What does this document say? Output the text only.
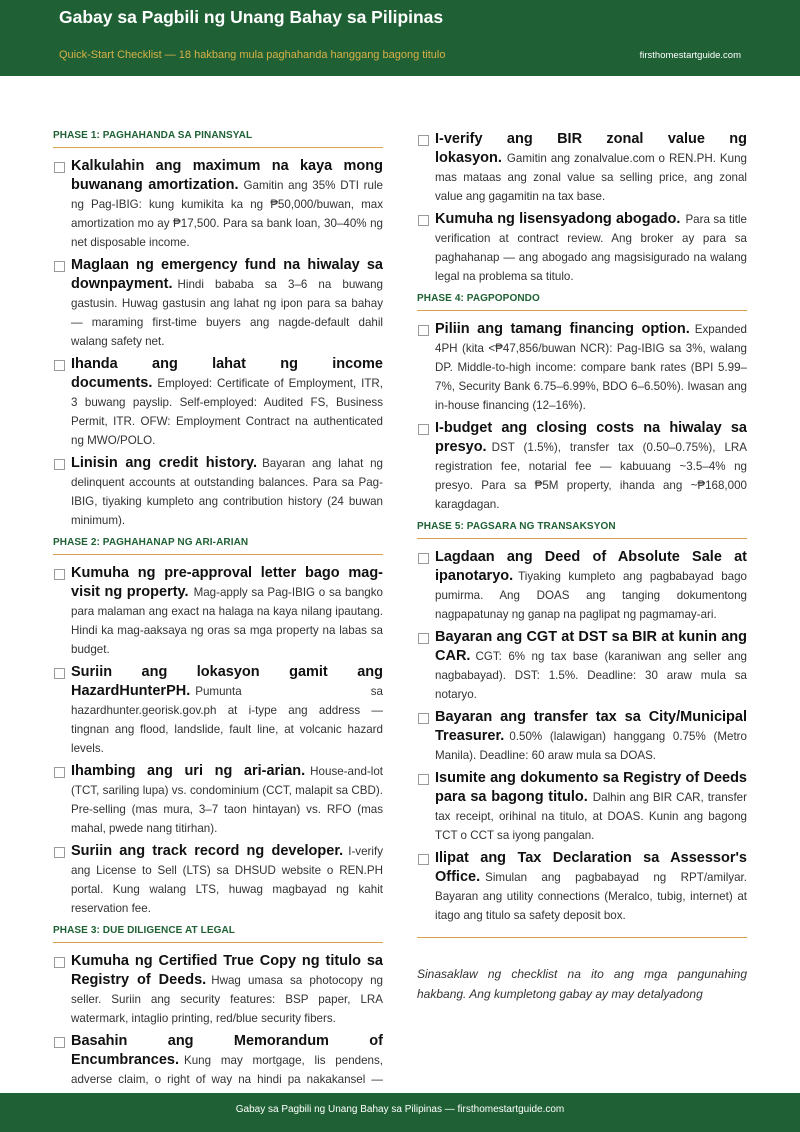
Gabay sa Pagbili ng Unang Bahay sa Pilipinas
Quick-Start Checklist — 18 hakbang mula paghahanda hanggang bagong titulo	firsthomestartguide.com
PHASE 1: PAGHAHANDA SA PINANSYAL

Kalkulahin ang maximum na kaya mong buwanang amortization. Gamitin ang 35% DTI rule ng Pag-IBIG: kung kumikita ka ng ₱50,000/buwan, max amortization mo ay ₱17,500. Para sa bank loan, 30–40% ng net disposable income.

Maglaan ng emergency fund na hiwalay sa downpayment. Hindi bababa sa 3–6 na buwang gastusin. Huwag gastusin ang lahat ng ipon para sa bahay — maraming first-time buyers ang nagde-default dahil walang safety net.

Ihanda ang lahat ng income documents. Employed: Certificate of Employment, ITR, 3 buwang payslip. Self-employed: Audited FS, Business Permit, ITR. OFW: Employment Contract na authenticated ng MWO/POLO.

Linisin ang credit history. Bayaran ang lahat ng delinquent accounts at outstanding balances. Para sa Pag-IBIG, tiyaking kumpleto ang contribution history (24 buwan minimum).

PHASE 2: PAGHAHANAP NG ARI-ARIAN

Kumuha ng pre-approval letter bago mag-visit ng property. Mag-apply sa Pag-IBIG o sa bangko para malaman ang exact na halaga na kaya nilang ipautang. Hindi ka mag-aaksaya ng oras sa mga property na labas sa budget.

Suriin ang lokasyon gamit ang HazardHunterPH. Pumunta sa hazardhunter.georisk.gov.ph at i-type ang address — tingnan ang flood, landslide, fault line, at volcanic hazard levels.

Ihambing ang uri ng ari-arian. House-and-lot (TCT, sariling lupa) vs. condominium (CCT, malapit sa CBD). Pre-selling (mas mura, 3–7 taon hintayan) vs. RFO (mas mahal, pwede nang titirhan).

Suriin ang track record ng developer. I-verify ang License to Sell (LTS) sa DHSUD website o REN.PH portal. Kung walang LTS, huwag magbayad ng kahit reservation fee.

PHASE 3: DUE DILIGENCE AT LEGAL

Kumuha ng Certified True Copy ng titulo sa Registry of Deeds. Hwag umasa sa photocopy ng seller. Suriin ang security features: BSP paper, LRA watermark, intaglio printing, red/blue security fibers.

Basahin ang Memorandum of Encumbrances. Kung may mortgage, lis pendens, adverse claim, o right of way na hindi pa nakakansel —

I-verify ang BIR zonal value ng lokasyon. Gamitin ang zonalvalue.com o REN.PH. Kung mas mataas ang zonal value sa selling price, ang zonal value ang gagamitin na tax base.

Kumuha ng lisensyadong abogado. Para sa title verification at contract review. Ang broker ay para sa paghahanap — ang abogado ang magsisigurado na walang legal na problema sa titulo.

PHASE 4: PAGPOPONDO

Piliin ang tamang financing option. Expanded 4PH (kita <₱47,856/buwan NCR): Pag-IBIG sa 3%, walang DP. Middle-to-high income: compare bank rates (BPI 5.99–7%, Security Bank 6.75–6.99%, BDO 6–6.50%). Iwasan ang in-house financing (12–16%).

I-budget ang closing costs na hiwalay sa presyo. DST (1.5%), transfer tax (0.50–0.75%), LRA registration fee, notarial fee — kabuuang ~3.5–4% ng presyo. Para sa ₱5M property, ihanda ang ~₱168,000 karagdagan.

PHASE 5: PAGSARA NG TRANSAKSYON

Lagdaan ang Deed of Absolute Sale at ipanotaryo. Tiyaking kumpleto ang pagbabayad bago pumirma. Ang DOAS ang tanging dokumentong nagpapatunay ng ganap na paglipat ng pagmamay-ari.

Bayaran ang CGT at DST sa BIR at kunin ang CAR. CGT: 6% ng tax base (karaniwan ang seller ang nagbabayad). DST: 1.5%. Deadline: 30 araw mula sa notaryo.

Bayaran ang transfer tax sa City/Municipal Treasurer. 0.50% (lalawigan) hanggang 0.75% (Metro Manila). Deadline: 60 araw mula sa DOAS.

Isumite ang dokumento sa Registry of Deeds para sa bagong titulo. Dalhin ang BIR CAR, transfer tax receipt, orihinal na titulo, at DOAS. Kunin ang bagong TCT o CCT sa iyong pangalan.

Ilipat ang Tax Declaration sa Assessor's Office. Simulan ang pagbabayad ng RPT/amilyar. Bayaran ang utility connections (Meralco, tubig, internet) at itago ang titulo sa safety deposit box.

Sinasaklaw ng checklist na ito ang mga pangunahing hakbang. Ang kumpletong gabay ay may detalyadong

Gabay sa Pagbili ng Unang Bahay sa Pilipinas — firsthomestartguide.com
